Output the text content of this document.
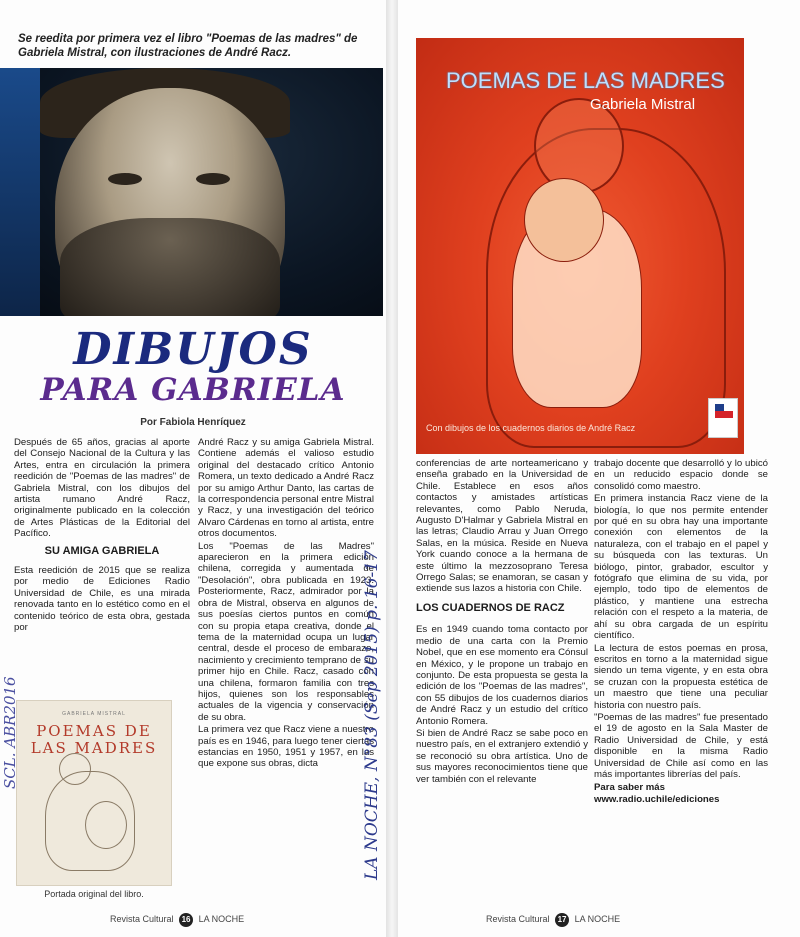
Se reedita por primera vez el libro "Poemas de las madres" de Gabriela Mistral, con ilustraciones de André Racz.
DIBUJOS
PARA GABRIELA
Por Fabiola Henríquez

Después de 65 años, gracias al aporte del Consejo Nacional de la Cultura y las Artes, entra en circulación la primera reedición de "Poemas de las madres" de Gabriela Mistral, con los dibujos del artista rumano André Racz, originalmente publicado en la colección de Artes Plásticas de la Editorial del Pacífico.

SU AMIGA GABRIELA

Esta reedición de 2015 que se realiza por medio de Ediciones Radio Universidad de Chile, es una mirada renovada tanto en lo estético como en el contenido teórico de esta obra, gestada por

GABRIELA MISTRAL
POEMAS DE LAS MADRES
Portada original del libro.

André Racz y su amiga Gabriela Mistral. Contiene además el valioso estudio original del destacado crítico Antonio Romera, un texto dedicado a André Racz por su amigo Arthur Danto, las cartas de la correspondencia personal entre Mistral y Racz, y una investigación del teórico Alvaro Cárdenas en torno al artista, entre otros documentos.

Los "Poemas de las Madres" aparecieron en la primera edición chilena, corregida y aumentada de "Desolación", obra publicada en 1923. Posteriormente, Racz, admirador por la obra de Mistral, observa en algunos de sus poesías ciertos puntos en común con su propia etapa creativa, donde el tema de la maternidad ocupa un lugar central, desde el proceso de embarazo, nacimiento y crecimiento temprano de su primer hijo en Chile. Racz, casado con una chilena, formaron familia con tres hijos, quienes son los responsables actuales de la vigencia y conservación de su obra.

La primera vez que Racz viene a nuestro país es en 1946, para luego tener ciertas estancias en 1950, 1951 y 1957, en las que expone sus obras, dicta	LA NOCHE, N°83 (Sep 2015) p. 16-17
SCL. ABR2016
Revista Cultural 16 LA NOCHE
POEMAS DE LAS MADRES
Gabriela Mistral
Con dibujos de los cuadernos diarios de André Racz

conferencias de arte norteamericano y enseña grabado en la Universidad de Chile. Establece en esos años contactos y amistades artísticas relevantes, como Pablo Neruda, Augusto D'Halmar y Gabriela Mistral en las letras; Claudio Arrau y Juan Orrego Salas, en la música. Reside en Nueva York cuando conoce a la hermana de este último la mezzosoprano Teresa Orrego Salas; se enamoran, se casan y extiende sus lazos a historia con Chile.

LOS CUADERNOS DE RACZ

Es en 1949 cuando toma contacto por medio de una carta con la Premio Nobel, que en ese momento era Cónsul en México, y le propone un trabajo en conjunto. De esta propuesta se gesta la edición de los "Poemas de las madres", con 55 dibujos de los cuadernos diarios de André Racz y un estudio del crítico Antonio Romera.

Si bien de André Racz se sabe poco en nuestro país, en el extranjero extendió y se reconoció su obra artística. Uno de sus mayores reconocimientos tiene que ver también con el relevante

trabajo docente que desarrolló y lo ubicó en un reducido espacio donde se consolidó como maestro.

En primera instancia Racz viene de la biología, lo que nos permite entender por qué en su obra hay una importante conexión con elementos de la naturaleza, con el trabajo en el papel y su búsqueda con las texturas. Un biólogo, pintor, grabador, escultor y fotógrafo que elimina de su vida, por ejemplo, todo tipo de elementos de plástico, y mantiene una estrecha relación con el respeto a la materia, de ahí su obra cargada de un espíritu científico.

La lectura de estos poemas en prosa, escritos en torno a la maternidad sigue siendo un tema vigente, y en esta obra se cruzan con la propuesta estética de un maestro que tiene una peculiar historia con nuestro país.

"Poemas de las madres" fue presentado el 19 de agosto en la Sala Master de Radio Universidad de Chile, y está disponible en la misma Radio Universidad de Chile así como en las más importantes librerías del país.

Para saber más
www.radio.uchile/ediciones
Revista Cultural 17 LA NOCHE
